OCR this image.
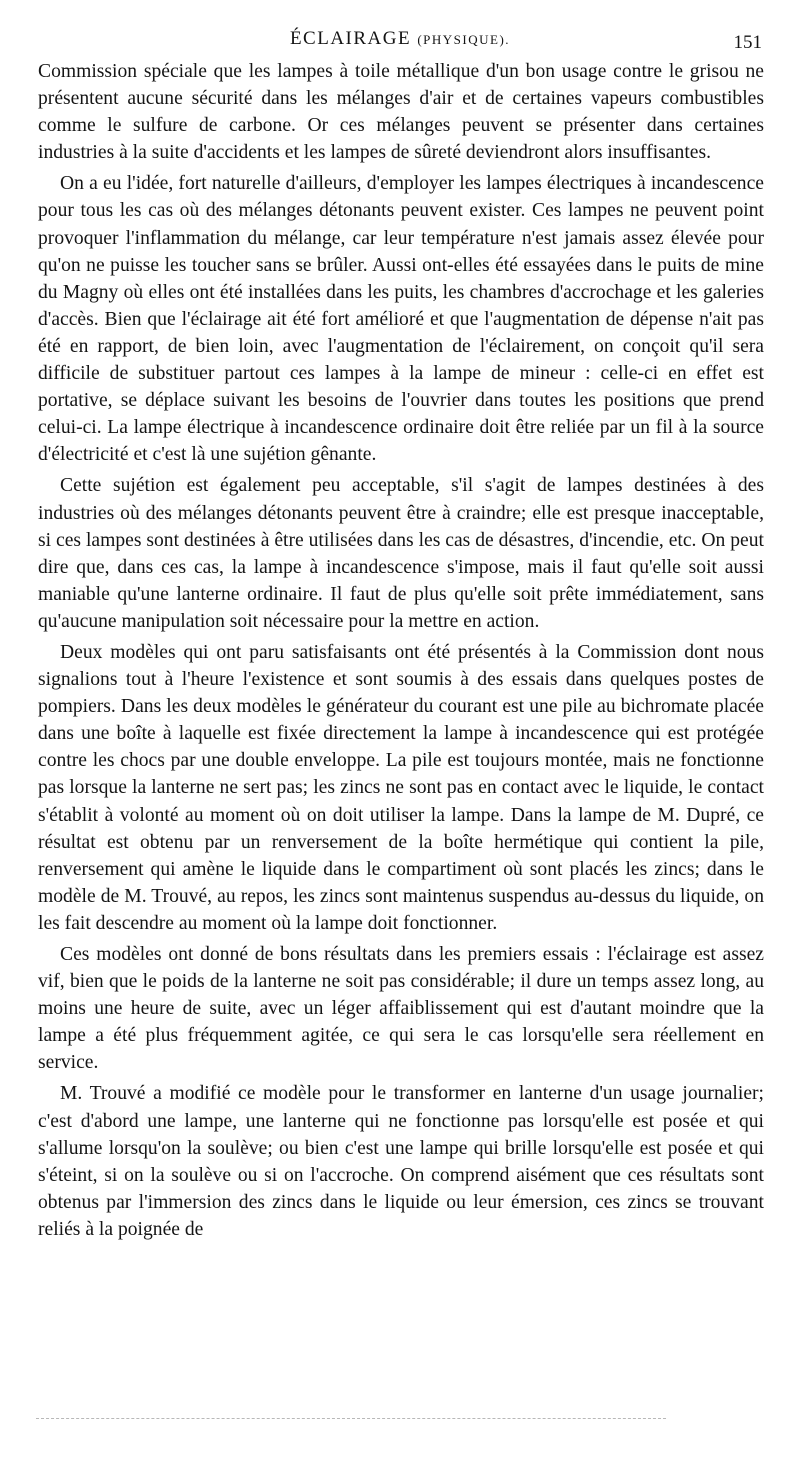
ÉCLAIRAGE (PHYSIQUE).	151

Commission spéciale que les lampes à toile métallique d'un bon usage contre le grisou ne présentent aucune sécurité dans les mélanges d'air et de certaines vapeurs combustibles comme le sulfure de carbone. Or ces mélanges peuvent se présenter dans certaines industries à la suite d'accidents et les lampes de sûreté deviendront alors insuffisantes.

On a eu l'idée, fort naturelle d'ailleurs, d'employer les lampes électriques à incandescence pour tous les cas où des mélanges détonants peuvent exister. Ces lampes ne peuvent point provoquer l'inflammation du mélange, car leur température n'est jamais assez élevée pour qu'on ne puisse les toucher sans se brûler. Aussi ont-elles été essayées dans le puits de mine du Magny où elles ont été installées dans les puits, les chambres d'accrochage et les galeries d'accès. Bien que l'éclairage ait été fort amélioré et que l'augmentation de dépense n'ait pas été en rapport, de bien loin, avec l'augmentation de l'éclairement, on conçoit qu'il sera difficile de substituer partout ces lampes à la lampe de mineur : celle-ci en effet est portative, se déplace suivant les besoins de l'ouvrier dans toutes les positions que prend celui-ci. La lampe électrique à incandescence ordinaire doit être reliée par un fil à la source d'électricité et c'est là une sujétion gênante.

Cette sujétion est également peu acceptable, s'il s'agit de lampes destinées à des industries où des mélanges détonants peuvent être à craindre; elle est presque inacceptable, si ces lampes sont destinées à être utilisées dans les cas de désastres, d'incendie, etc. On peut dire que, dans ces cas, la lampe à incandescence s'impose, mais il faut qu'elle soit aussi maniable qu'une lanterne ordinaire. Il faut de plus qu'elle soit prête immédiatement, sans qu'aucune manipulation soit nécessaire pour la mettre en action.

Deux modèles qui ont paru satisfaisants ont été présentés à la Commission dont nous signalions tout à l'heure l'existence et sont soumis à des essais dans quelques postes de pompiers. Dans les deux modèles le générateur du courant est une pile au bichromate placée dans une boîte à laquelle est fixée directement la lampe à incandescence qui est protégée contre les chocs par une double enveloppe. La pile est toujours montée, mais ne fonctionne pas lorsque la lanterne ne sert pas; les zincs ne sont pas en contact avec le liquide, le contact s'établit à volonté au moment où on doit utiliser la lampe. Dans la lampe de M. Dupré, ce résultat est obtenu par un renversement de la boîte hermétique qui contient la pile, renversement qui amène le liquide dans le compartiment où sont placés les zincs; dans le modèle de M. Trouvé, au repos, les zincs sont maintenus suspendus au-dessus du liquide, on les fait descendre au moment où la lampe doit fonctionner.

Ces modèles ont donné de bons résultats dans les premiers essais : l'éclairage est assez vif, bien que le poids de la lanterne ne soit pas considérable; il dure un temps assez long, au moins une heure de suite, avec un léger affaiblissement qui est d'autant moindre que la lampe a été plus fréquemment agitée, ce qui sera le cas lorsqu'elle sera réellement en service.

M. Trouvé a modifié ce modèle pour le transformer en lanterne d'un usage journalier; c'est d'abord une lampe, une lanterne qui ne fonctionne pas lorsqu'elle est posée et qui s'allume lorsqu'on la soulève; ou bien c'est une lampe qui brille lorsqu'elle est posée et qui s'éteint, si on la soulève ou si on l'accroche. On comprend aisément que ces résultats sont obtenus par l'immersion des zincs dans le liquide ou leur émersion, ces zincs se trouvant reliés à la poignée de
